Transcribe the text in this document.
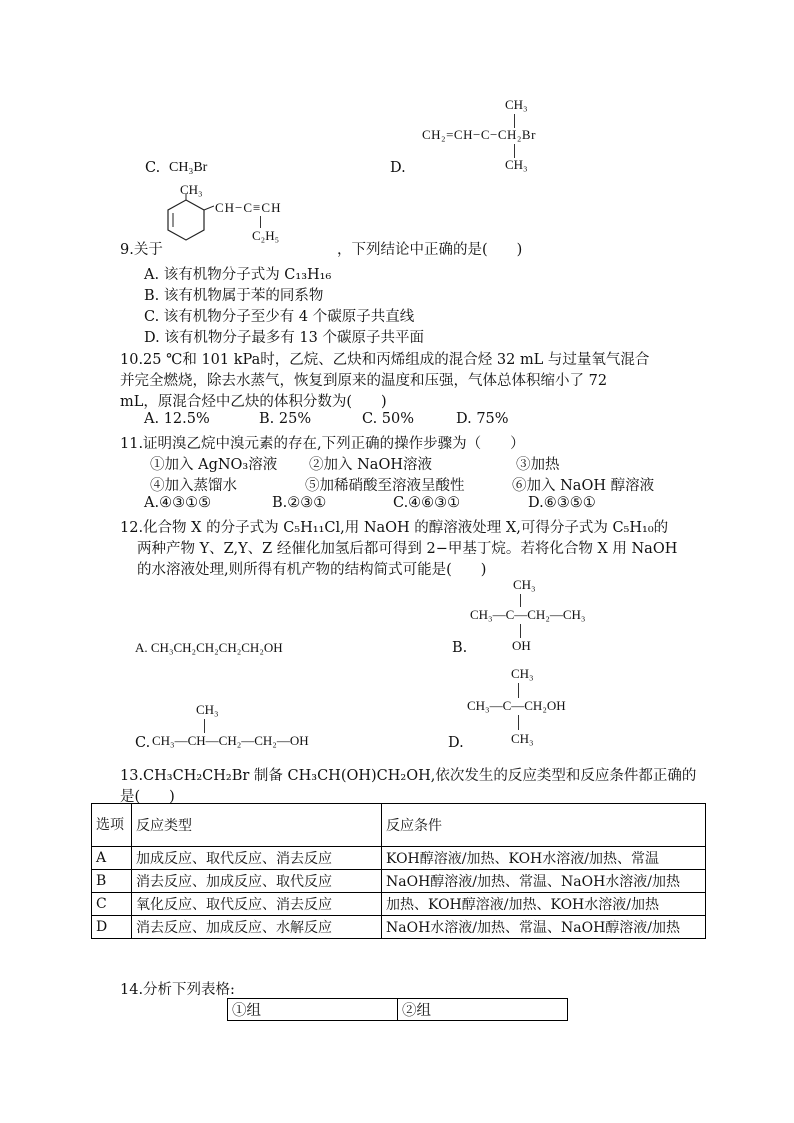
C. CH₃Br	D.
CH₃
CH₂=CH−C−CH₂Br
CH₃
CH₃
CH−C≡CH
C₂H₅
9.关于	，下列结论中正确的是(　　)
A. 该有机物分子式为 C₁₃H₁₆
B. 该有机物属于苯的同系物
C. 该有机物分子至少有 4 个碳原子共直线
D. 该有机物分子最多有 13 个碳原子共平面
10.25 ℃和 101 kPa时，乙烷、乙炔和丙烯组成的混合烃 32 mL 与过量氧气混合
并完全燃烧，除去水蒸气，恢复到原来的温度和压强，气体总体积缩小了 72
mL，原混合烃中乙炔的体积分数为(　　)
A. 12.5%	B. 25%	C. 50%	D. 75%
11.证明溴乙烷中溴元素的存在,下列正确的操作步骤为（　　）
①加入 AgNO₃溶液 ②加入 NaOH溶液	③加热
④加入蒸馏水	⑤加稀硝酸至溶液呈酸性	⑥加入 NaOH 醇溶液
A.④③①⑤	B.②③①	C.④⑥③①	D.⑥③⑤①
12.化合物 X 的分子式为 C₅H₁₁Cl,用 NaOH 的醇溶液处理 X,可得分子式为 C₅H₁₀的
两种产物 Y、Z,Y、Z 经催化加氢后都可得到 2−甲基丁烷。若将化合物 X 用 NaOH
的水溶液处理,则所得有机产物的结构简式可能是(　　)
A. CH₃CH₂CH₂CH₂CH₂OH	B.
CH₃
CH₃—C—CH₂—CH₃
OH
C.
CH₃
CH₃—CH—CH₂—CH₂—OH	D.
CH₃
CH₃—C—CH₂OH
CH₃
13.CH₃CH₂CH₂Br 制备 CH₃CH(OH)CH₂OH,依次发生的反应类型和反应条件都正确的
是(　　)
选项	反应类型	反应条件
A	加成反应、取代反应、消去反应	KOH醇溶液/加热、KOH水溶液/加热、常温
B	消去反应、加成反应、取代反应	NaOH醇溶液/加热、常温、NaOH水溶液/加热
C	氧化反应、取代反应、消去反应	加热、KOH醇溶液/加热、KOH水溶液/加热
D	消去反应、加成反应、水解反应	NaOH水溶液/加热、常温、NaOH醇溶液/加热
14.分析下列表格:
①组	②组
